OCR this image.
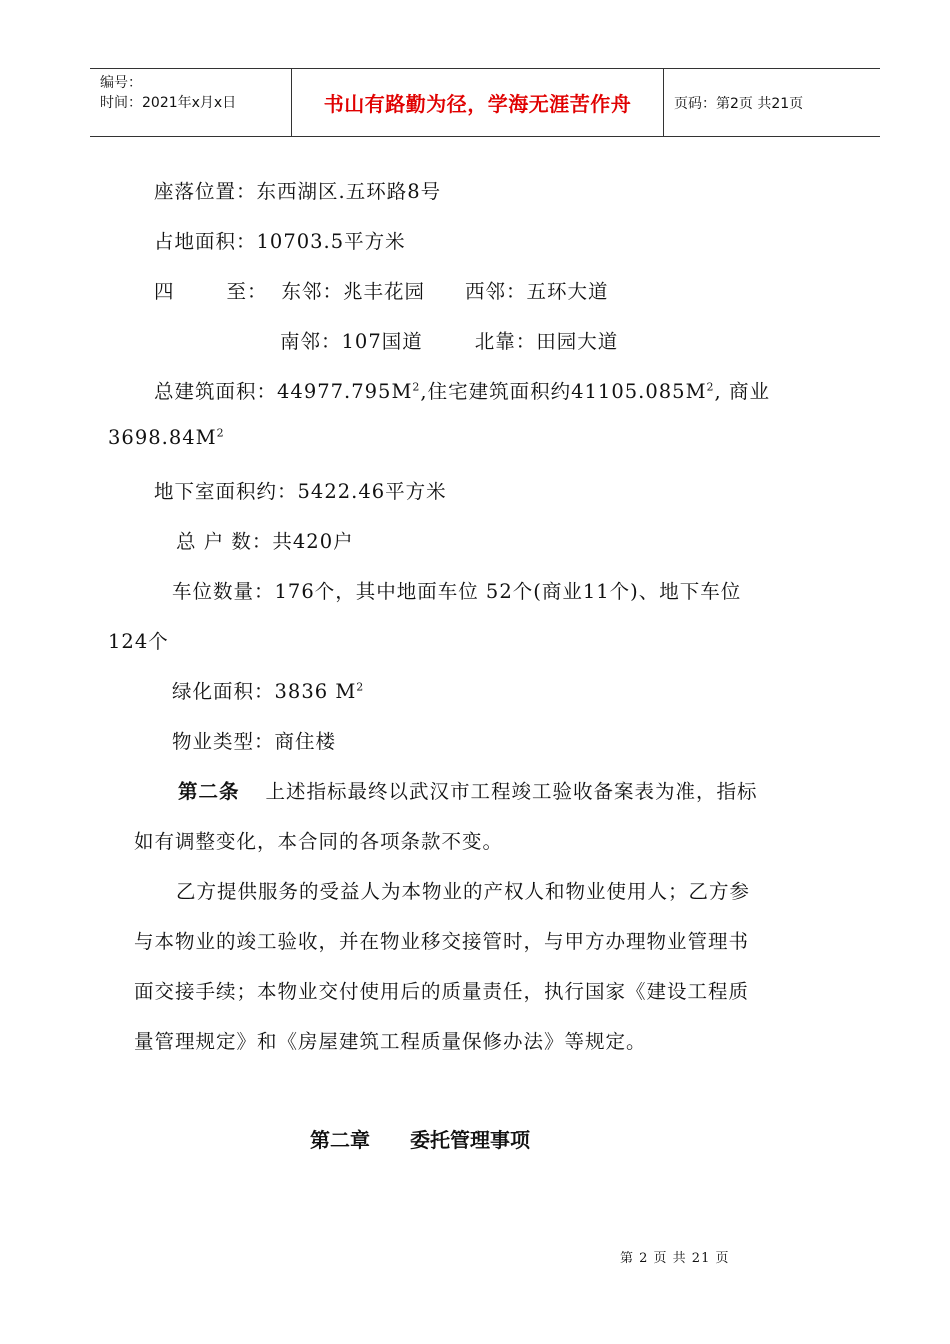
编号：
时间：2021年x月x日	书山有路勤为径，学海无涯苦作舟	页码：第2页 共21页
座落位置：东西湖区.五环路8号
占地面积：10703.5平方米
四	至： 东邻：兆丰花园 西邻：五环大道
南邻：107国道	北靠：田园大道
总建筑面积：$44977.795M^2$,住宅建筑面积约$41105.085M^2$, 商业
$3698.84M^2$
地下室面积约：5422.46平方米
总 户 数：共420户
车位数量：176个，其中地面车位 52个(商业11个)、地下车位
124个
绿化面积：3836 $M^2$
物业类型：商住楼
第二条 上述指标最终以武汉市工程竣工验收备案表为准，指标
如有调整变化，本合同的各项条款不变。
乙方提供服务的受益人为本物业的产权人和物业使用人；乙方参
与本物业的竣工验收，并在物业移交接管时，与甲方办理物业管理书
面交接手续；本物业交付使用后的质量责任，执行国家《建设工程质
量管理规定》和《房屋建筑工程质量保修办法》等规定。
第二章 委托管理事项
第 2 页 共 21 页
